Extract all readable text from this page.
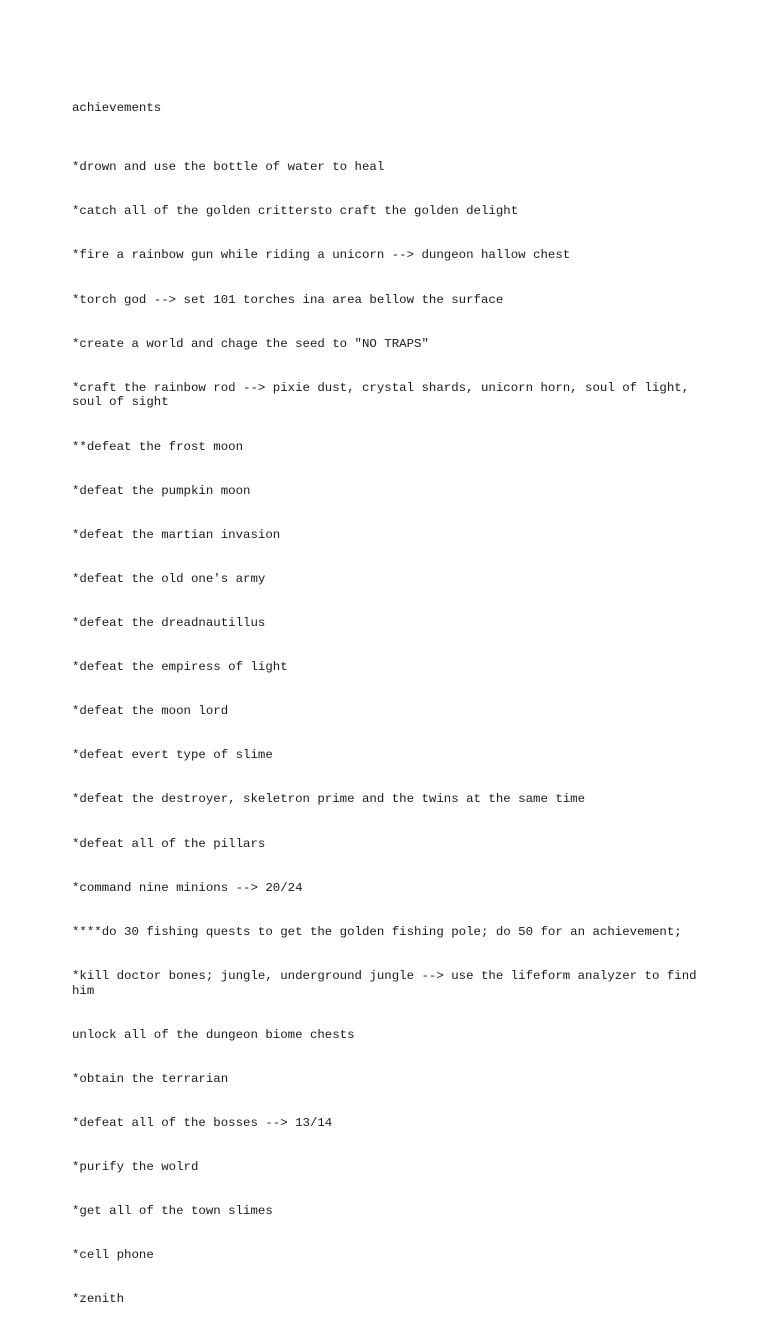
achievements

*drown and use the bottle of water to heal

*catch all of the golden crittersto craft the golden delight

*fire a rainbow gun while riding a unicorn --> dungeon hallow chest

*torch god --> set 101 torches ina area bellow the surface

*create a world and chage the seed to "NO TRAPS"

*craft the rainbow rod --> pixie dust, crystal shards, unicorn horn, soul of light, soul of sight

**defeat the frost moon

*defeat the pumpkin moon

*defeat the martian invasion

*defeat the old one's army

*defeat the dreadnautillus

*defeat the empiress of light

*defeat the moon lord

*defeat evert type of slime

*defeat the destroyer, skeletron prime and the twins at the same time

*defeat all of the pillars

*command nine minions --> 20/24

****do 30 fishing quests to get the golden fishing pole; do 50 for an achievement;

*kill doctor bones; jungle, underground jungle --> use the lifeform analyzer to find him

unlock all of the dungeon biome chests

*obtain the terrarian

*defeat all of the bosses --> 13/14

*purify the wolrd

*get all of the town slimes

*cell phone

*zenith
